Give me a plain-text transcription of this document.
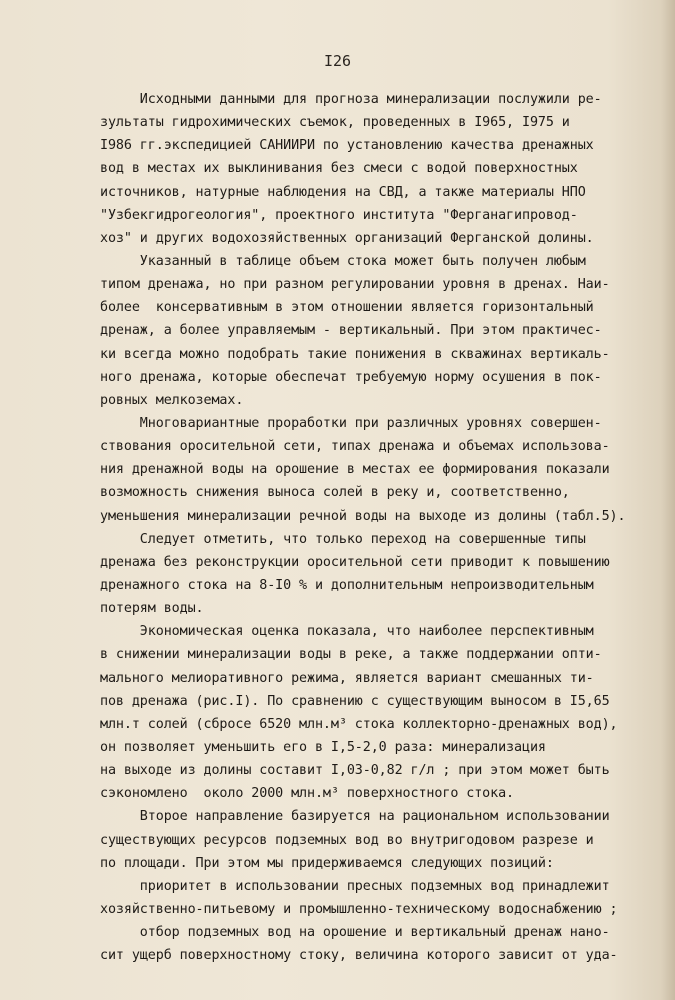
I26
Исходными данными для прогноза минерализации послужили ре-
зультаты гидрохимических съемок, проведенных в I965, I975 и
I986 гг.экспедицией САНИИРИ по установлению качества дренажных
вод в местах их выклинивания без смеси с водой поверхностных
источников, натурные наблюдения на СВД, а также материалы НПО
"Узбекгидрогеология", проектного института "Ферганагипровод-
хоз" и других водохозяйственных организаций Ферганской долины.
Указанный в таблице объем стока может быть получен любым
типом дренажа, но при разном регулировании уровня в дренах. Наи-
более  консервативным в этом отношении является горизонтальный
дренаж, а более управляемым - вертикальный. При этом практичес-
ки всегда можно подобрать такие понижения в скважинах вертикаль-
ного дренажа, которые обеспечат требуемую норму осушения в пок-
ровных мелкоземах.
Многовариантные проработки при различных уровнях совершен-
ствования оросительной сети, типах дренажа и объемах использова-
ния дренажной воды на орошение в местах ее формирования показали
возможность снижения выноса солей в реку и, соответственно,
уменьшения минерализации речной воды на выходе из долины (табл.5).
Следует отметить, что только переход на совершенные типы
дренажа без реконструкции оросительной сети приводит к повышению
дренажного стока на 8-I0 % и дополнительным непроизводительным
потерям воды.
Экономическая оценка показала, что наиболее перспективным
в снижении минерализации воды в реке, а также поддержании опти-
мального мелиоративного режима, является вариант смешанных ти-
пов дренажа (рис.I). По сравнению с существующим выносом в I5,65
млн.т солей (сбросе 6520 млн.м³ стока коллекторно-дренажных вод),
он позволяет уменьшить его в I,5-2,0 раза: минерализация
на выходе из долины составит I,03-0,82 г/л ; при этом может быть
сэкономлено  около 2000 млн.м³ поверхностного стока.
Второе направление базируется на рациональном использовании
существующих ресурсов подземных вод во внутригодовом разрезе и
по площади. При этом мы придерживаемся следующих позиций:
приоритет в использовании пресных подземных вод принадлежит
хозяйственно-питьевому и промышленно-техническому водоснабжению ;
отбор подземных вод на орошение и вертикальный дренаж нано-
сит ущерб поверхностному стоку, величина которого зависит от уда-
